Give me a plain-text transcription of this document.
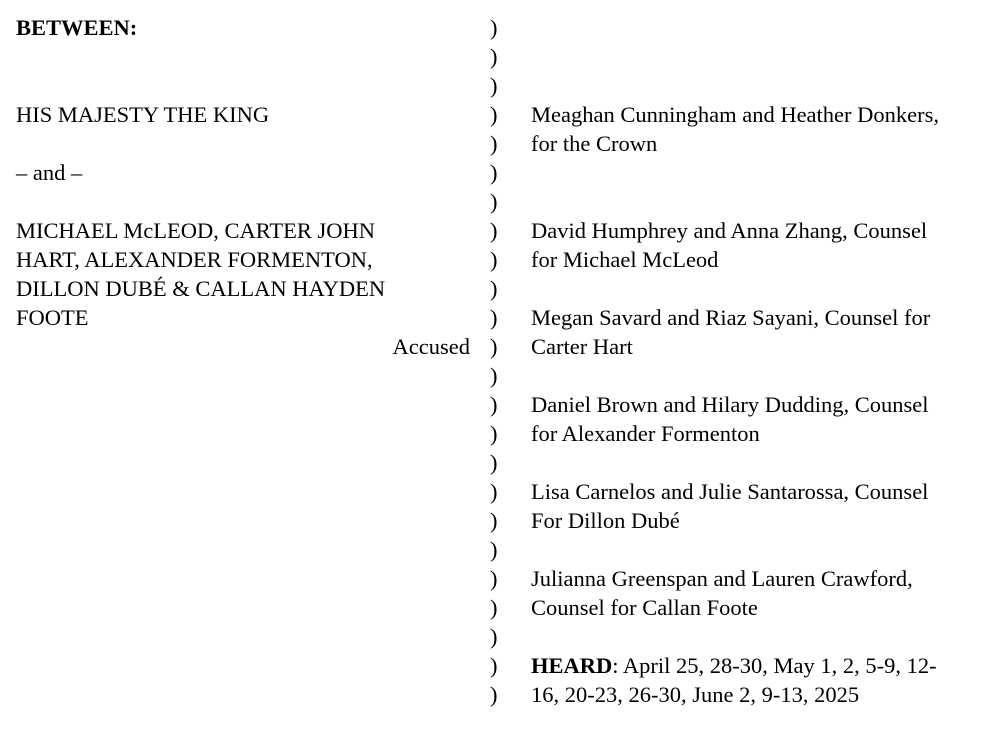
BETWEEN:
HIS MAJESTY THE KING
– and –
MICHAEL McLEOD, CARTER JOHN
HART, ALEXANDER FORMENTON,
DILLON DUBÉ & CALLAN HAYDEN
FOOTE
Accused
)
)
)
)
)
)
)
)
)
)
)
)
)
)
)
)
)
)
)
)
)
)
)
)
Meaghan Cunningham and Heather Donkers,
for the Crown
David Humphrey and Anna Zhang, Counsel
for Michael McLeod
Megan Savard and Riaz Sayani, Counsel for
Carter Hart
Daniel Brown and Hilary Dudding, Counsel
for Alexander Formenton
Lisa Carnelos and Julie Santarossa, Counsel
For Dillon Dubé
Julianna Greenspan and Lauren Crawford,
Counsel for Callan Foote
HEARD: April 25, 28-30, May 1, 2, 5-9, 12-
16, 20-23, 26-30, June 2, 9-13, 2025
